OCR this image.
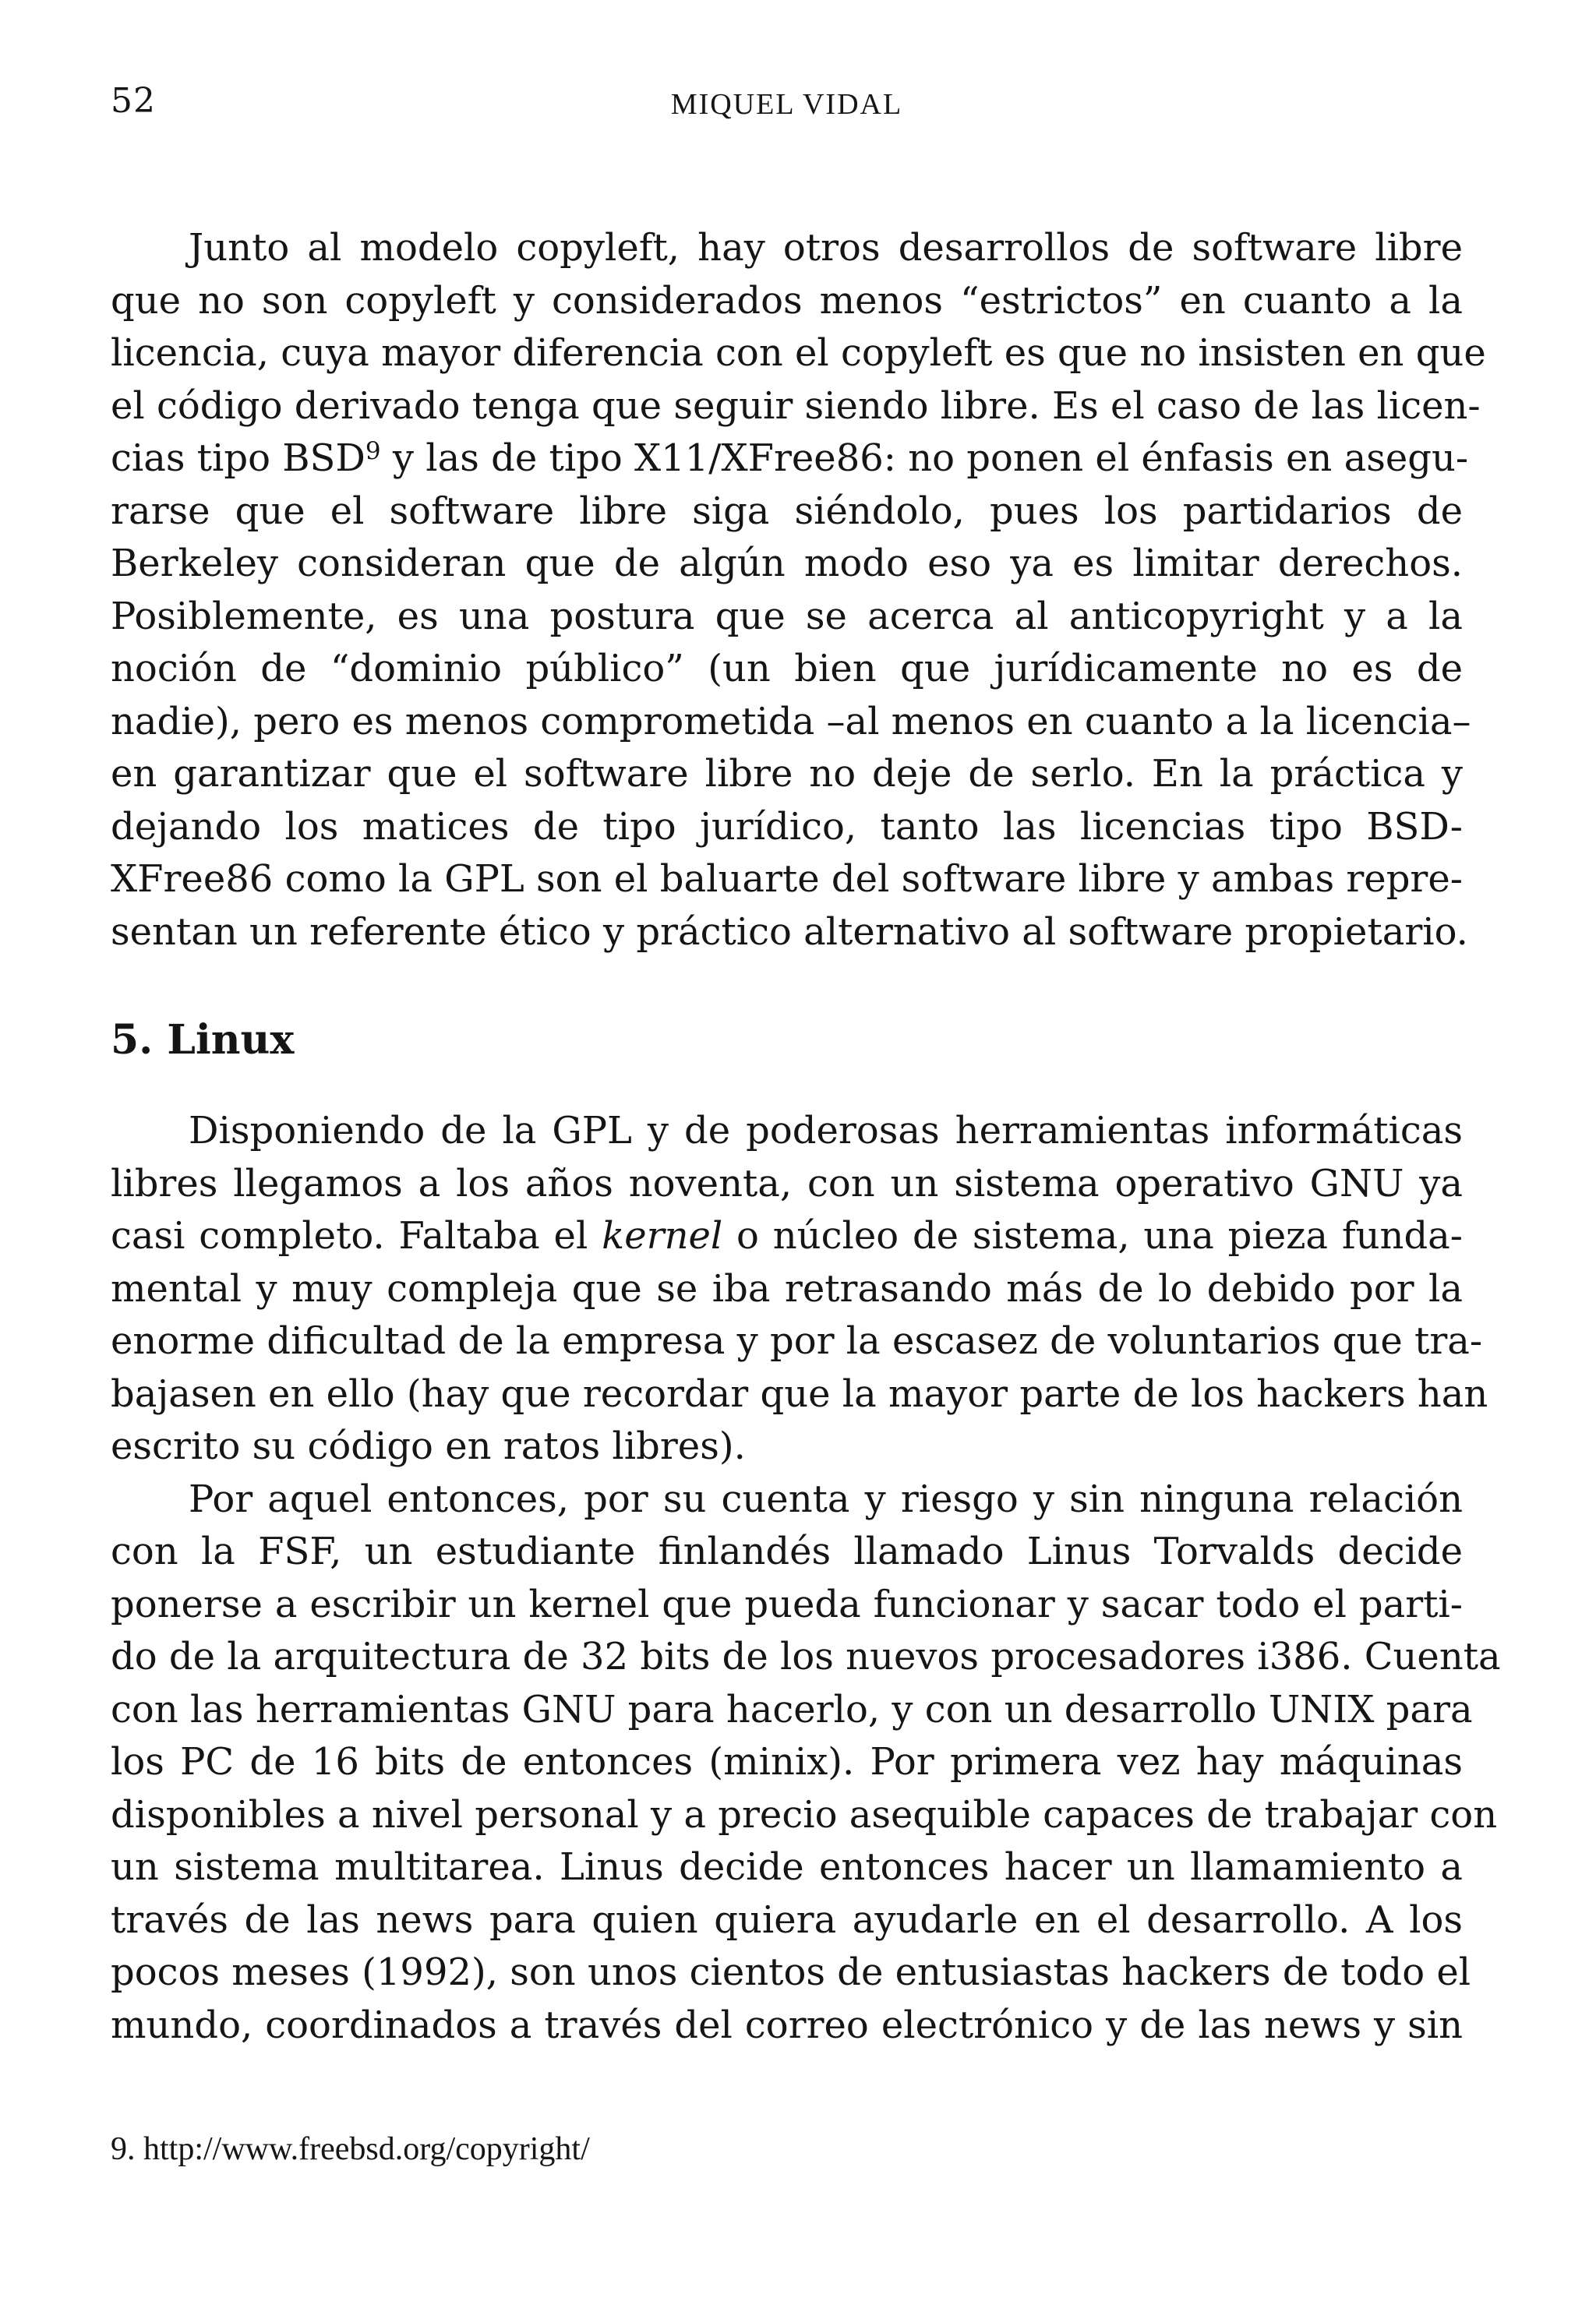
52	MIQUEL VIDAL
Junto al modelo copyleft, hay otros desarrollos de software libre
que no son copyleft y considerados menos “estrictos” en cuanto a la
licencia, cuya mayor diferencia con el copyleft es que no insisten en que
el código derivado tenga que seguir siendo libre. Es el caso de las licen-
cias tipo BSD$^9$ y las de tipo X11/XFree86: no ponen el énfasis en asegu-
rarse que el software libre siga siéndolo, pues los partidarios de
Berkeley consideran que de algún modo eso ya es limitar derechos.
Posiblemente, es una postura que se acerca al anticopyright y a la
noción de “dominio público” (un bien que jurídicamente no es de
nadie), pero es menos comprometida –al menos en cuanto a la licencia–
en garantizar que el software libre no deje de serlo. En la práctica y
dejando los matices de tipo jurídico, tanto las licencias tipo BSD-
XFree86 como la GPL son el baluarte del software libre y ambas repre-
sentan un referente ético y práctico alternativo al software propietario.
5. Linux
Disponiendo de la GPL y de poderosas herramientas informáticas
libres llegamos a los años noventa, con un sistema operativo GNU ya
casi completo. Faltaba el kernel o núcleo de sistema, una pieza funda-
mental y muy compleja que se iba retrasando más de lo debido por la
enorme dificultad de la empresa y por la escasez de voluntarios que tra-
bajasen en ello (hay que recordar que la mayor parte de los hackers han
escrito su código en ratos libres).
Por aquel entonces, por su cuenta y riesgo y sin ninguna relación
con la FSF, un estudiante finlandés llamado Linus Torvalds decide
ponerse a escribir un kernel que pueda funcionar y sacar todo el parti-
do de la arquitectura de 32 bits de los nuevos procesadores i386. Cuenta
con las herramientas GNU para hacerlo, y con un desarrollo UNIX para
los PC de 16 bits de entonces (minix). Por primera vez hay máquinas
disponibles a nivel personal y a precio asequible capaces de trabajar con
un sistema multitarea. Linus decide entonces hacer un llamamiento a
través de las news para quien quiera ayudarle en el desarrollo. A los
pocos meses (1992), son unos cientos de entusiastas hackers de todo el
mundo, coordinados a través del correo electrónico y de las news y sin
9. http://www.freebsd.org/copyright/
